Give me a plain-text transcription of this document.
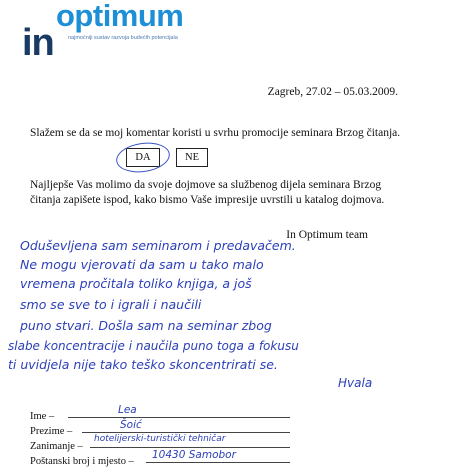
in
optimum
najmoćniji sustav razvoja budećih potencijala
Zagreb, 27.02 – 05.03.2009.
Slažem se da se moj komentar koristi u svrhu promocije seminara Brzog čitanja.
DA	NE
Najljepše Vas molimo da svoje dojmove sa službenog dijela seminara Brzog čitanja zapišete ispod, kako bismo Vaše impresije uvrstili u katalog dojmova.
In Optimum team
Oduševljena sam seminarom i predavačem.
Ne mogu vjerovati da sam u tako malo
vremena pročitala toliko knjiga, a još
smo se sve to i igrali i naučili
puno stvari. Došla sam na seminar zbog
slabe koncentracije i naučila puno toga a fokusu
ti uvidjela nije tako teško skoncentrirati se.
Hvala
Ime –
Lea
Prezime –
Šoić
Zanimanje –
hotelijerski-turistički tehničar
Poštanski broj i mjesto –
10430 Samobor
